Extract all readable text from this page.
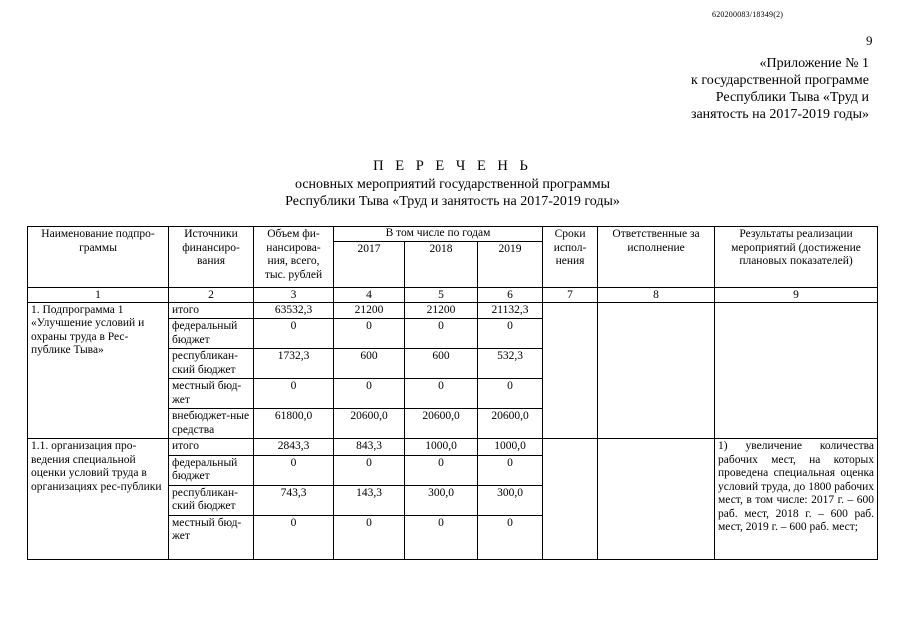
620200083/18349(2)
9
«Приложение № 1
к государственной программе
Республики Тыва «Труд и
занятость на 2017-2019 годы»
П Е Р Е Ч Е Н Ь
основных мероприятий государственной программы
Республики Тыва «Труд и занятость на 2017-2019 годы»
Наименование подпро-граммы	Источники финансиро-вания	Объем фи-нансирова-ния, всего, тыс. рублей	В том числе по годам			Сроки испол-нения	Ответственные за исполнение	Результаты реализации мероприятий (достижение плановых показателей)
			2017	2018	2019			
1	2	3	4	5	6	7	8	9
1. Подпрограмма 1 «Улучшение условий и охраны труда в Рес-публике Тыва»	итого	63532,3	21200	21200	21132,3			
	федеральный бюджет	0	0	0	0			
	республикан-ский бюджет	1732,3	600	600	532,3			
	местный бюд-жет	0	0	0	0			
	внебюджет-ные средства	61800,0	20600,0	20600,0	20600,0			
1.1. организация про-ведения специальной оценки условий труда в организациях рес-публики	итого	2843,3	843,3	1000,0	1000,0			1) увеличение количества рабочих мест, на которых проведена специальная оценка условий труда, до 1800 рабочих мест, в том числе: 2017 г. – 600 раб. мест, 2018 г. – 600 раб. мест, 2019 г. – 600 раб. мест;
	федеральный бюджет	0	0	0	0			
	республикан-ский бюджет	743,3	143,3	300,0	300,0			
	местный бюд-жет	0	0	0	0			
